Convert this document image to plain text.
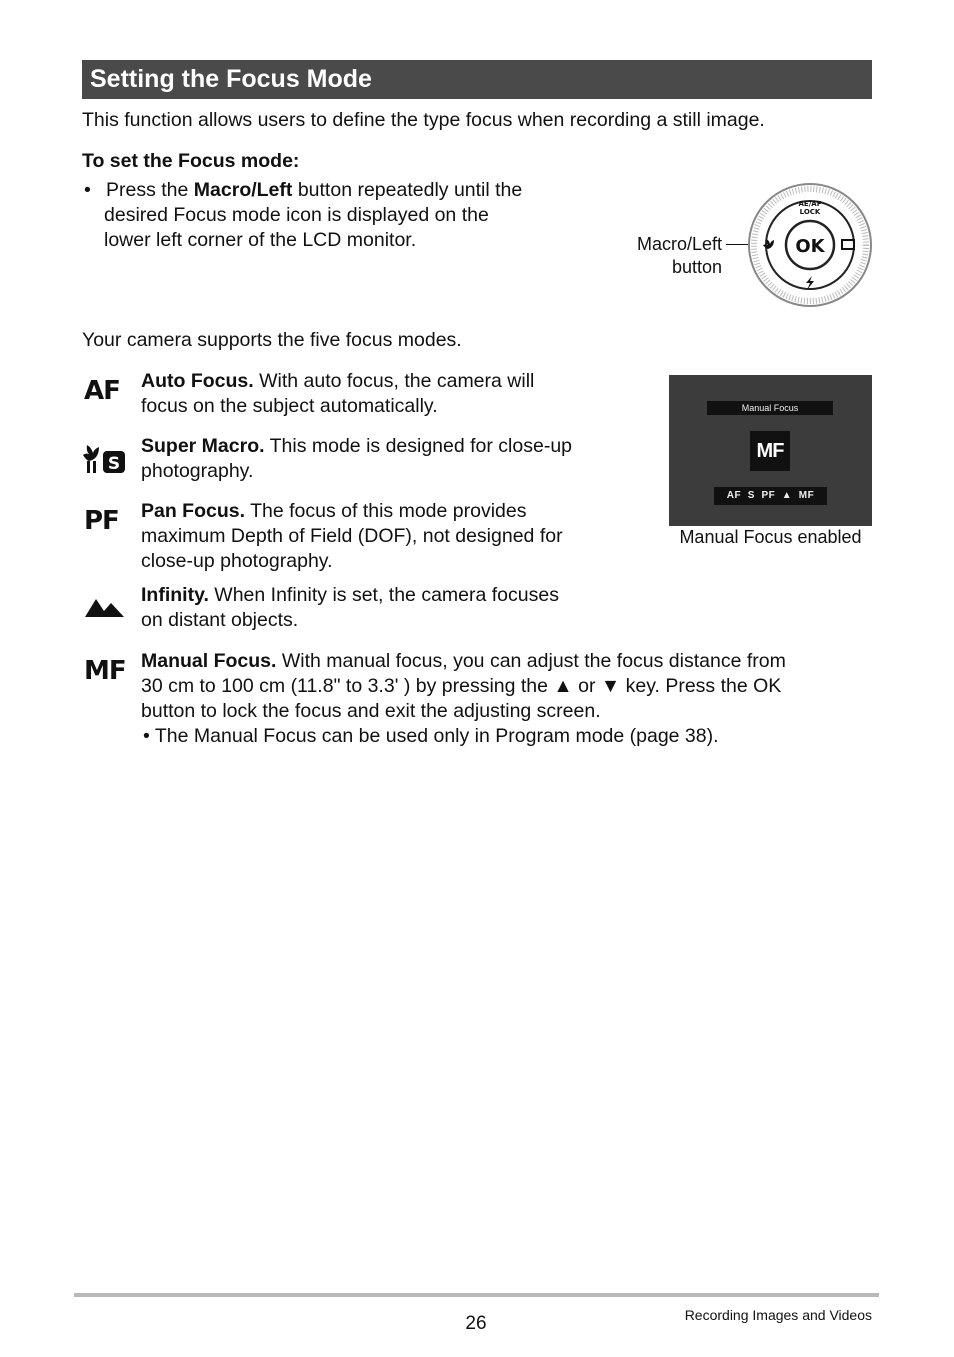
Setting the Focus Mode
This function allows users to define the type focus when recording a still image.
To set the Focus mode:
• Press the Macro/Left button repeatedly until the
desired Focus mode icon is displayed on the
lower left corner of the LCD monitor.	Macro/Left
button
OK
AE/AF
LOCK
Your camera supports the five focus modes.
AF	Auto Focus. With auto focus, the camera will
focus on the subject automatically.
S
Super Macro. This mode is designed for close-up
photography.
PF	Pan Focus. The focus of this mode provides
maximum Depth of Field (DOF), not designed for
close-up photography.
Infinity. When Infinity is set, the camera focuses
on distant objects.
MF Manual Focus. With manual focus, you can adjust the focus distance from
30 cm to 100 cm (11.8" to 3.3' ) by pressing the ▲ or ▼ key. Press the OK
button to lock the focus and exit the adjusting screen.
• The Manual Focus can be used only in Program mode (page 38).
Manual Focus
MF
AF S PF ▲ MF
Manual Focus enabled
26	Recording Images and Videos
